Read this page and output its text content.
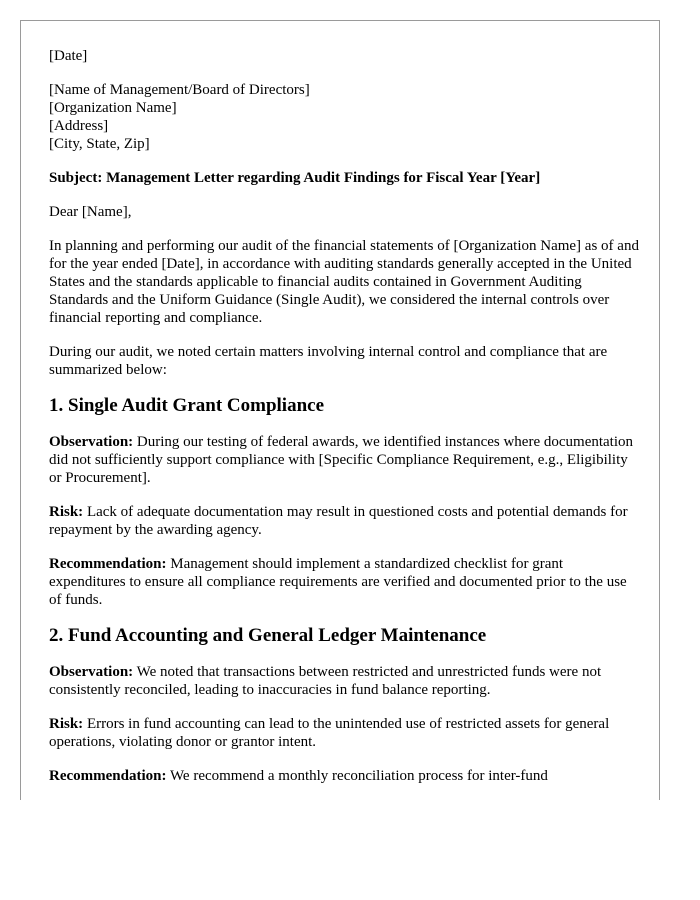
[Date]

[Name of Management/Board of Directors]

[Organization Name]

[Address]

[City, State, Zip]

Subject: Management Letter regarding Audit Findings for Fiscal Year [Year]

Dear [Name],

In planning and performing our audit of the financial statements of [Organization Name] as of and for the year ended [Date], in accordance with auditing standards generally accepted in the United States and the standards applicable to financial audits contained in Government Auditing Standards and the Uniform Guidance (Single Audit), we considered the internal controls over financial reporting and compliance.

During our audit, we noted certain matters involving internal control and compliance that are summarized below:

1. Single Audit Grant Compliance

Observation: During our testing of federal awards, we identified instances where documentation did not sufficiently support compliance with [Specific Compliance Requirement, e.g., Eligibility or Procurement].

Risk: Lack of adequate documentation may result in questioned costs and potential demands for repayment by the awarding agency.

Recommendation: Management should implement a standardized checklist for grant expenditures to ensure all compliance requirements are verified and documented prior to the use of funds.

2. Fund Accounting and General Ledger Maintenance

Observation: We noted that transactions between restricted and unrestricted funds were not consistently reconciled, leading to inaccuracies in fund balance reporting.

Risk: Errors in fund accounting can lead to the unintended use of restricted assets for general operations, violating donor or grantor intent.

Recommendation: We recommend a monthly reconciliation process for inter-fund
